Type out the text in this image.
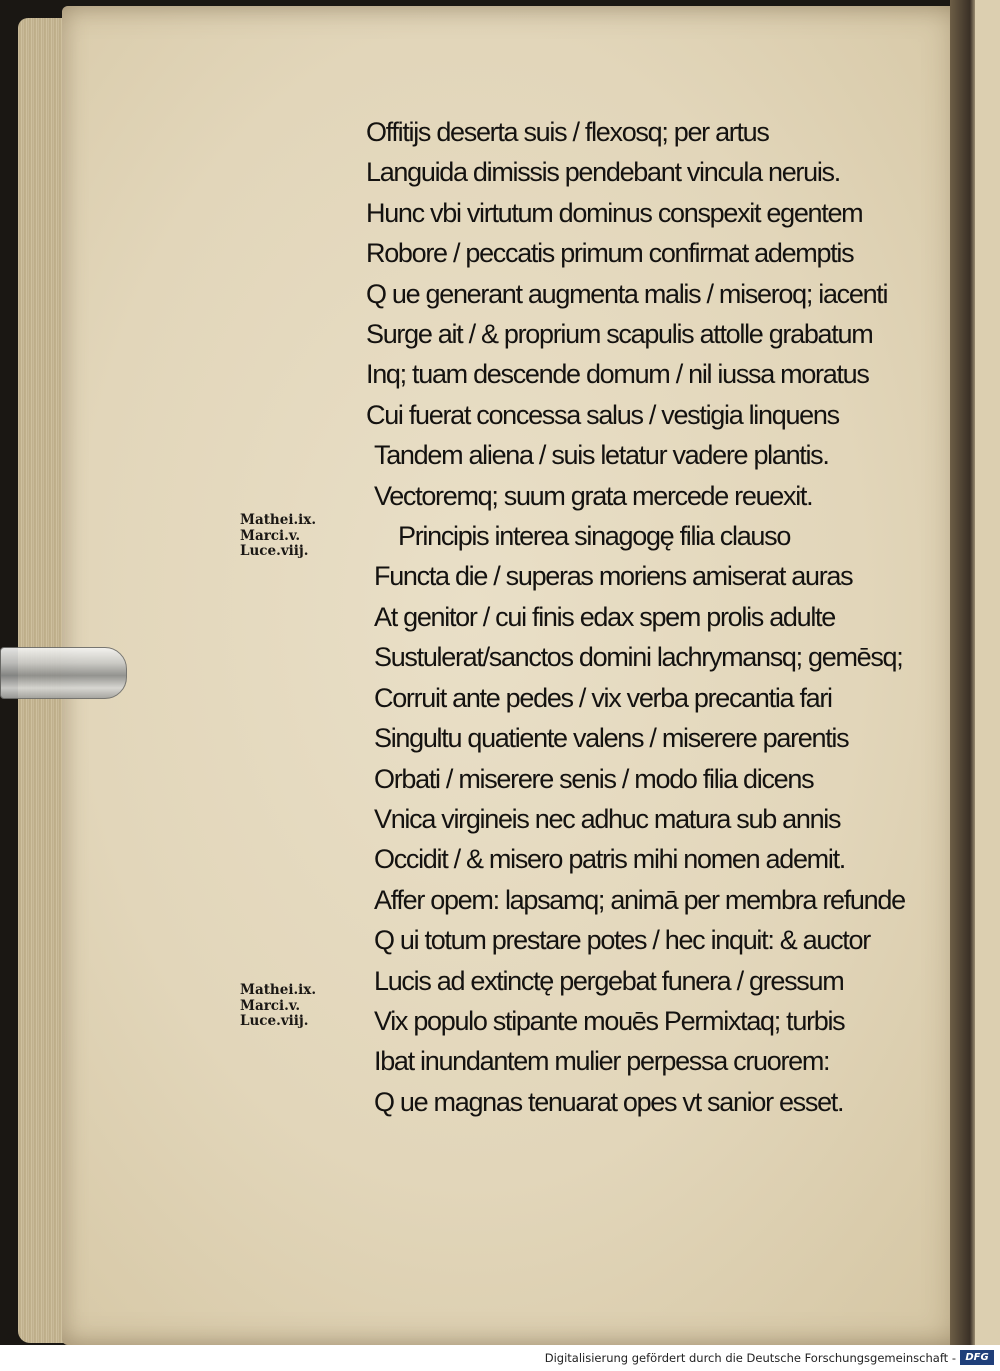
Offitijs deserta suis / flexosq; per artus
Languida dimissis pendebant vincula neruis.
Hunc vbi virtutum dominus conspexit egentem
Robore / peccatis primum confirmat ademptis
Q ue generant augmenta malis / miseroq; iacenti
Surge ait / & proprium scapulis attolle grabatum
Inq; tuam descende domum / nil iussa moratus
Cui fuerat concessa salus / vestigia linquens
Tandem aliena / suis letatur vadere plantis.
Vectoremq; suum grata mercede reuexit.
Principis interea sinagogę filia clauso
Functa die / superas moriens amiserat auras
At genitor / cui finis edax spem prolis adulte
Sustulerat/sanctos domini lachrymansq; gemēsq;
Corruit ante pedes / vix verba precantia fari
Singultu quatiente valens / miserere parentis
Orbati / miserere senis / modo filia dicens
Vnica virgineis nec adhuc matura sub annis
Occidit / & misero patris mihi nomen ademit.
Affer opem: lapsamq; animā per membra refunde
Q ui totum prestare potes / hec inquit: & auctor
Lucis ad extinctę pergebat funera / gressum
Vix populo stipante mouēs Permixtaq; turbis
Ibat inundantem mulier perpessa cruorem:
Q ue magnas tenuarat opes vt sanior esset.
Mathei.ix.
Marci.v.
Luce.viij.
Mathei.ix.
Marci.v.
Luce.viij.
Digitalisierung gefördert durch die Deutsche Forschungsgemeinschaft - DFG
